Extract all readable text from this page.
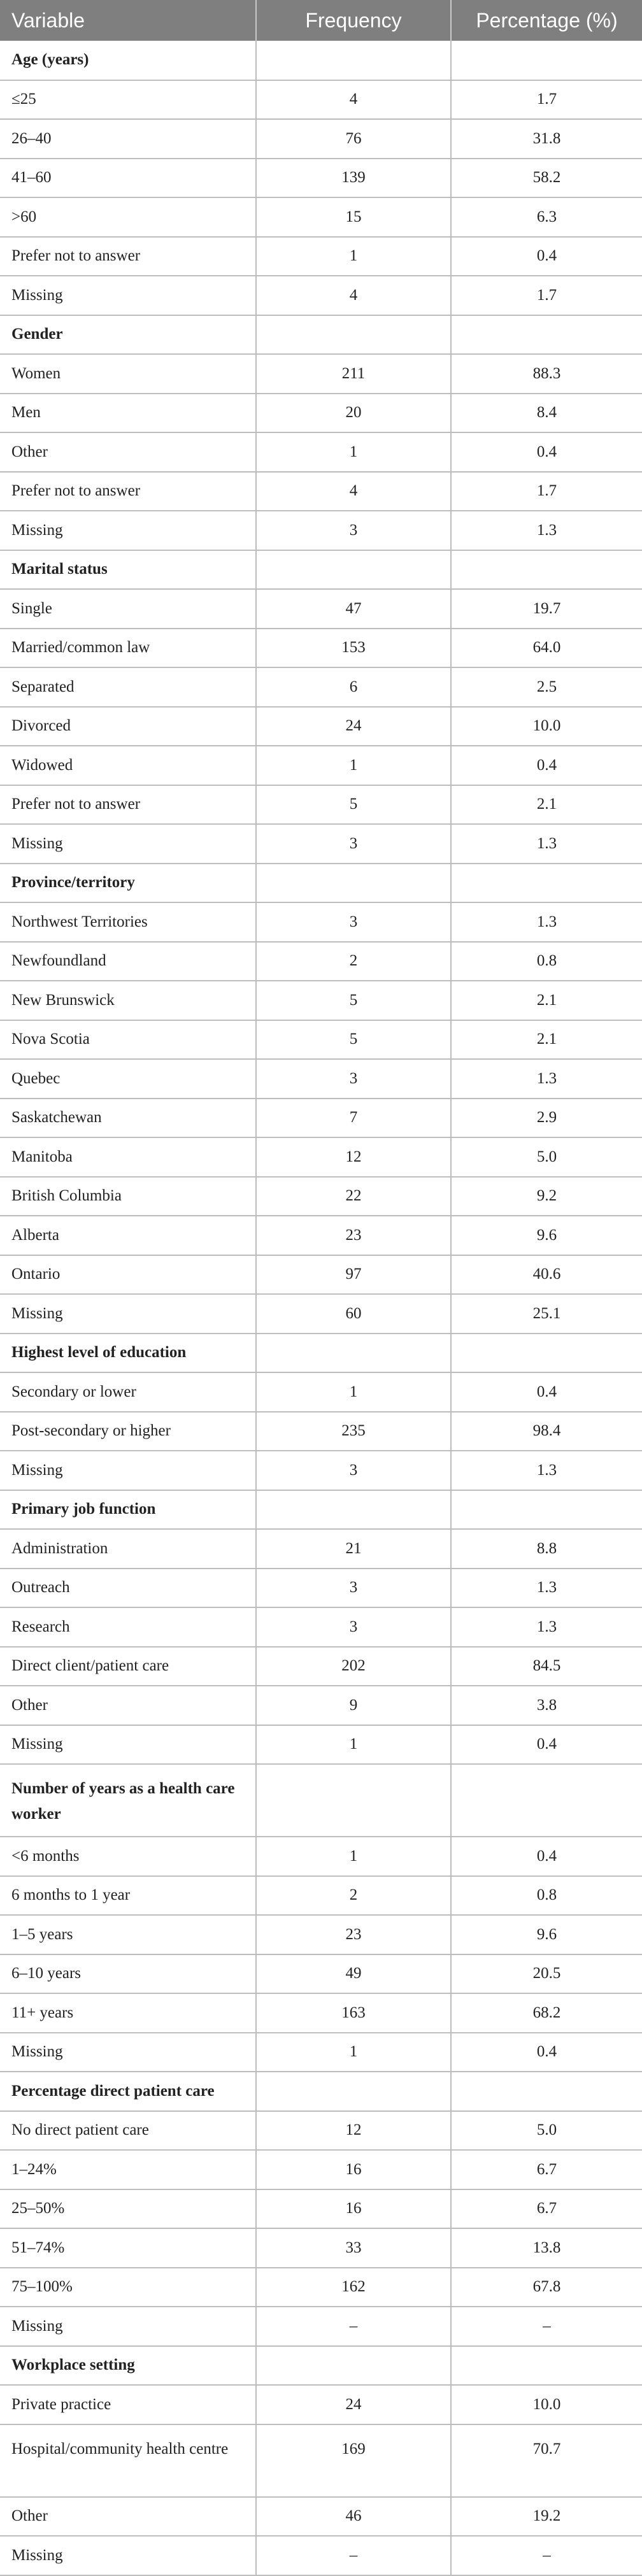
Variable	Frequency	Percentage (%)
Age (years)		
≤25	4	1.7
26–40	76	31.8
41–60	139	58.2
>60	15	6.3
Prefer not to answer	1	0.4
Missing	4	1.7
Gender		
Women	211	88.3
Men	20	8.4
Other	1	0.4
Prefer not to answer	4	1.7
Missing	3	1.3
Marital status		
Single	47	19.7
Married/common law	153	64.0
Separated	6	2.5
Divorced	24	10.0
Widowed	1	0.4
Prefer not to answer	5	2.1
Missing	3	1.3
Province/territory		
Northwest Territories	3	1.3
Newfoundland	2	0.8
New Brunswick	5	2.1
Nova Scotia	5	2.1
Quebec	3	1.3
Saskatchewan	7	2.9
Manitoba	12	5.0
British Columbia	22	9.2
Alberta	23	9.6
Ontario	97	40.6
Missing	60	25.1
Highest level of education		
Secondary or lower	1	0.4
Post-secondary or higher	235	98.4
Missing	3	1.3
Primary job function		
Administration	21	8.8
Outreach	3	1.3
Research	3	1.3
Direct client/patient care	202	84.5
Other	9	3.8
Missing	1	0.4
Number of years as a health care worker		
<6 months	1	0.4
6 months to 1 year	2	0.8
1–5 years	23	9.6
6–10 years	49	20.5
11+ years	163	68.2
Missing	1	0.4
Percentage direct patient care		
No direct patient care	12	5.0
1–24%	16	6.7
25–50%	16	6.7
51–74%	33	13.8
75–100%	162	67.8
Missing	–	–
Workplace setting		
Private practice	24	10.0
Hospital/community health centre	169	70.7
Other	46	19.2
Missing	–	–
